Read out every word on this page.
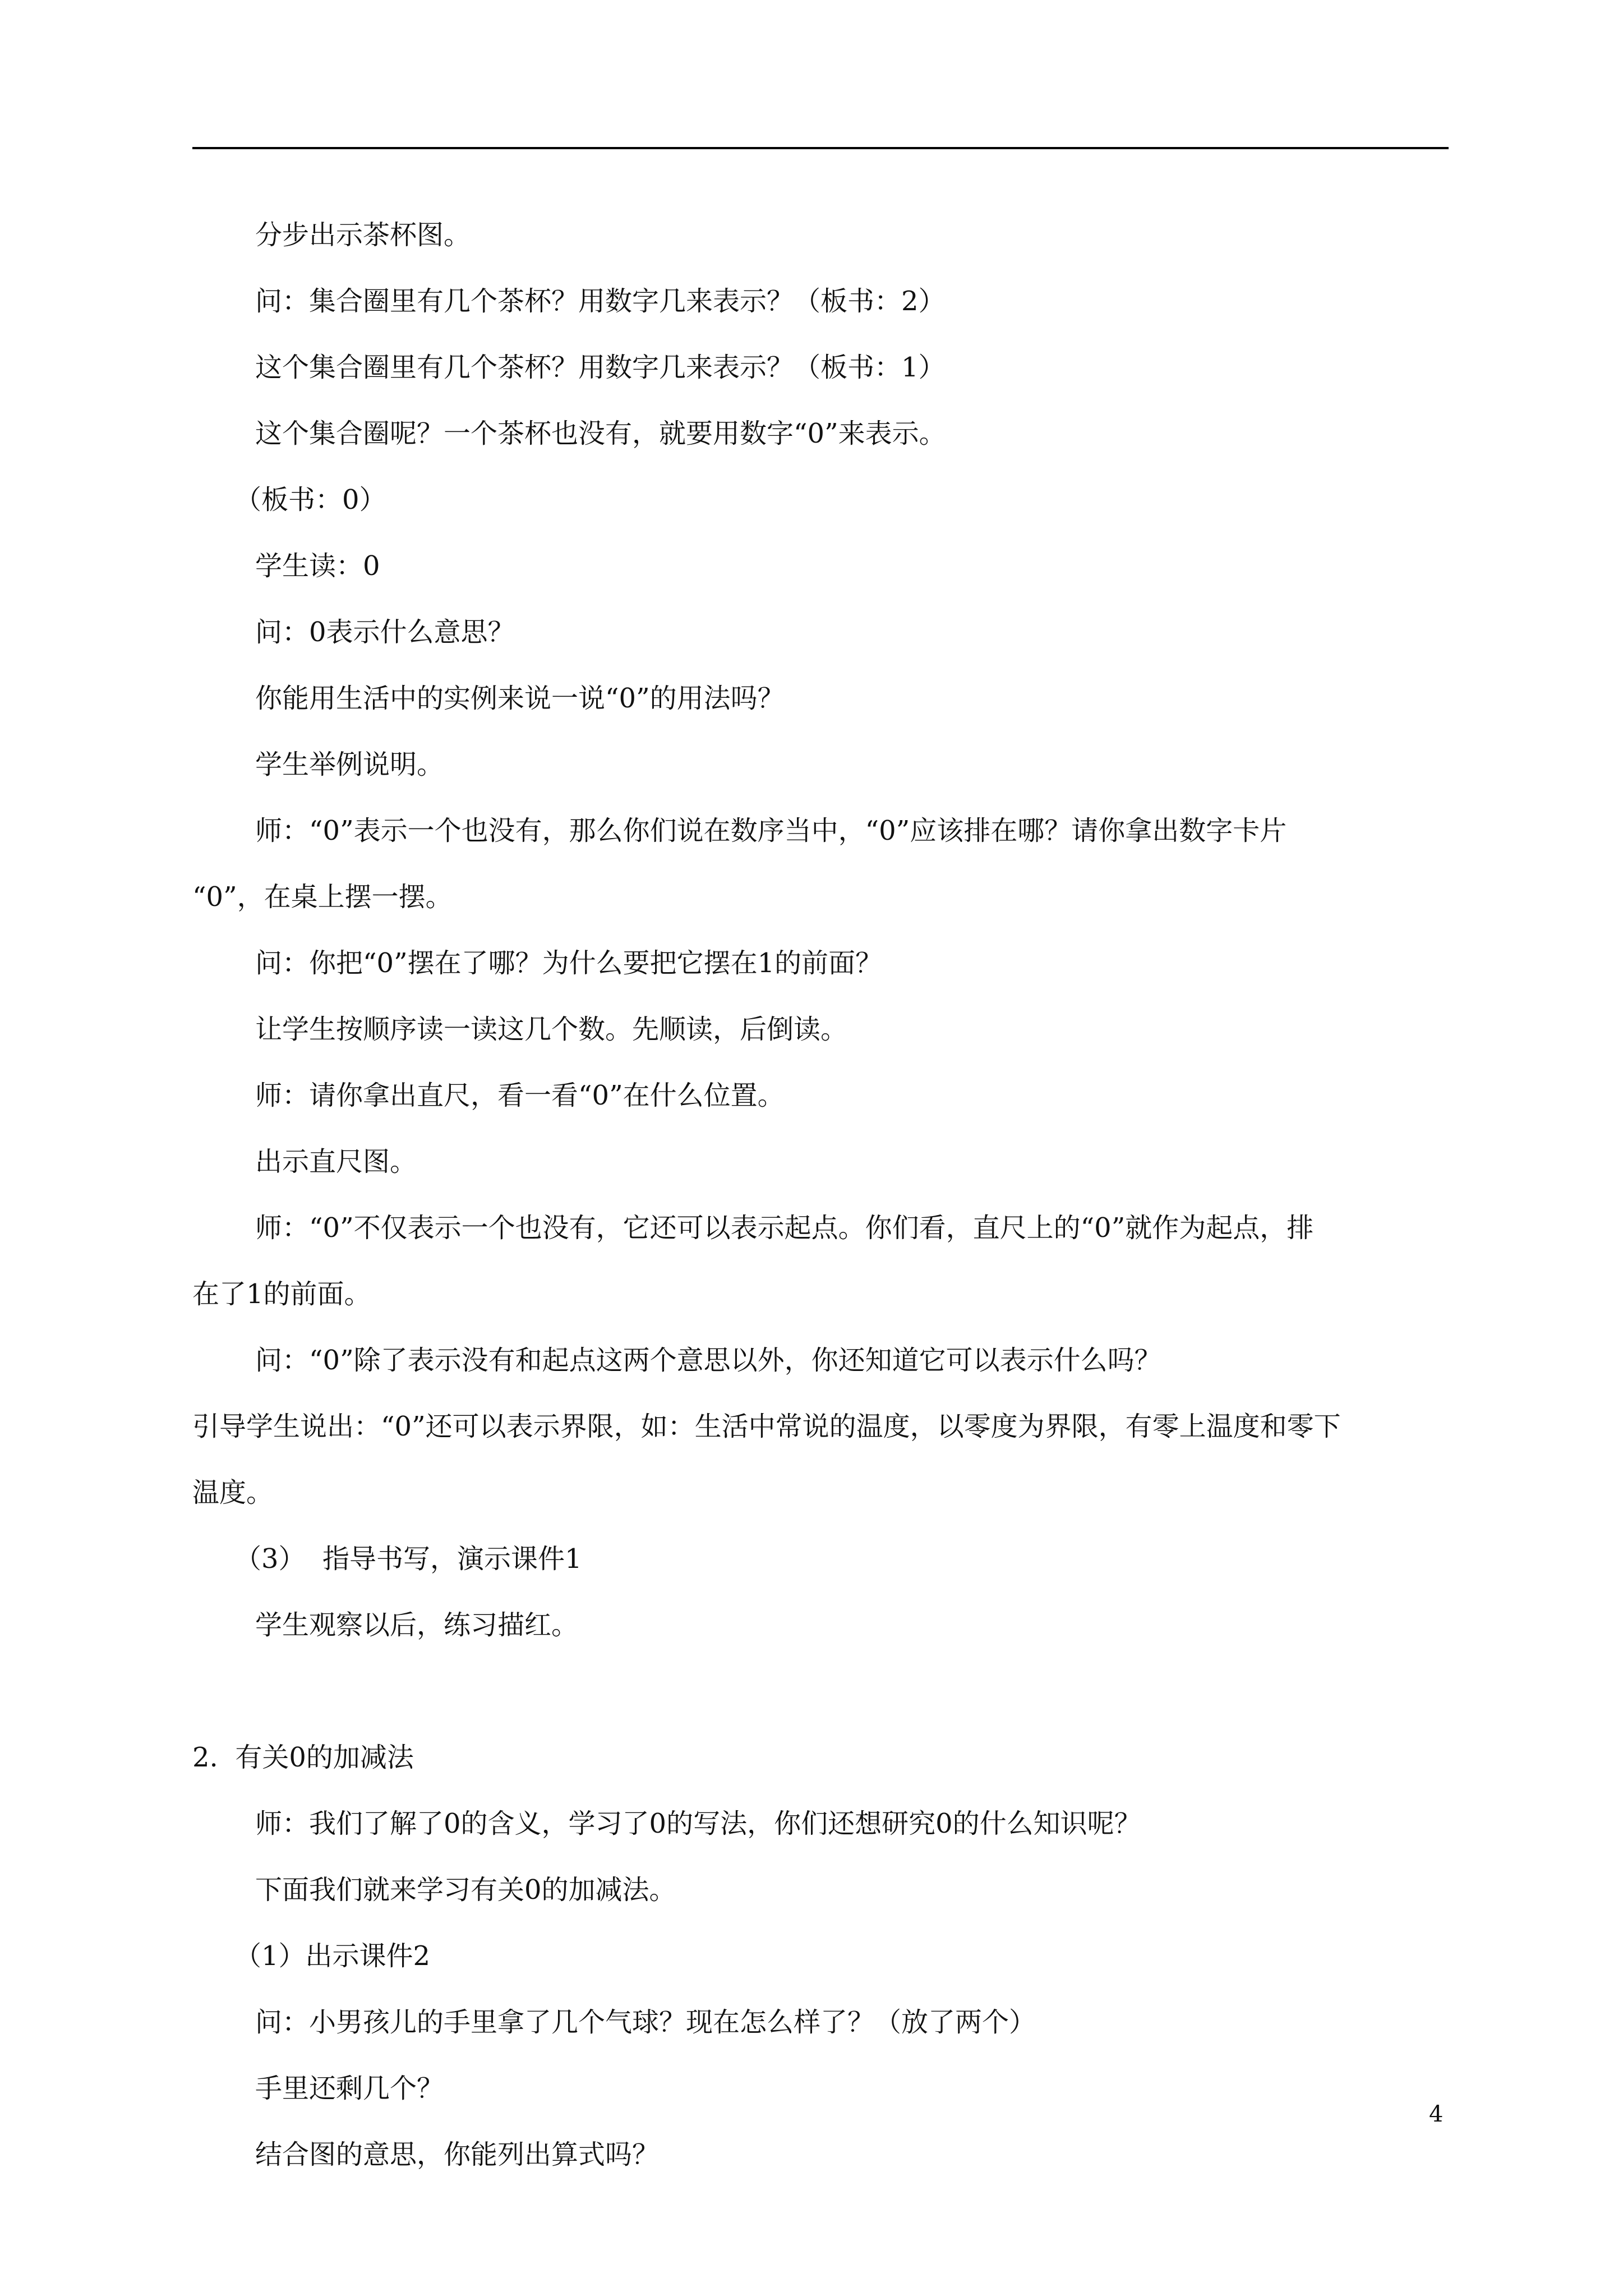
分步出示茶杯图。

问：集合圈里有几个茶杯？用数字几来表示？（板书：2）

这个集合圈里有几个茶杯？用数字几来表示？（板书：1）

这个集合圈呢？一个茶杯也没有，就要用数字“0”来表示。

（板书：0）

学生读：0

问：0表示什么意思？

你能用生活中的实例来说一说“0”的用法吗？

学生举例说明。

师：“0”表示一个也没有，那么你们说在数序当中，“0”应该排在哪？请你拿出数字卡片

“0”，在桌上摆一摆。

问：你把“0”摆在了哪？为什么要把它摆在1的前面？

让学生按顺序读一读这几个数。先顺读，后倒读。

师：请你拿出直尺，看一看“0”在什么位置。

出示直尺图。

师：“0”不仅表示一个也没有，它还可以表示起点。你们看，直尺上的“0”就作为起点，排

在了1的前面。

问：“0”除了表示没有和起点这两个意思以外，你还知道它可以表示什么吗？

引导学生说出：“0”还可以表示界限，如：生活中常说的温度，以零度为界限，有零上温度和零下

温度。

（3）  指导书写，演示课件1

学生观察以后，练习描红。

2.  有关0的加减法

师：我们了解了0的含义，学习了0的写法，你们还想研究0的什么知识呢？

下面我们就来学习有关0的加减法。

（1）出示课件2

问：小男孩儿的手里拿了几个气球？现在怎么样了？（放了两个）

手里还剩几个？

结合图的意思，你能列出算式吗？

4
